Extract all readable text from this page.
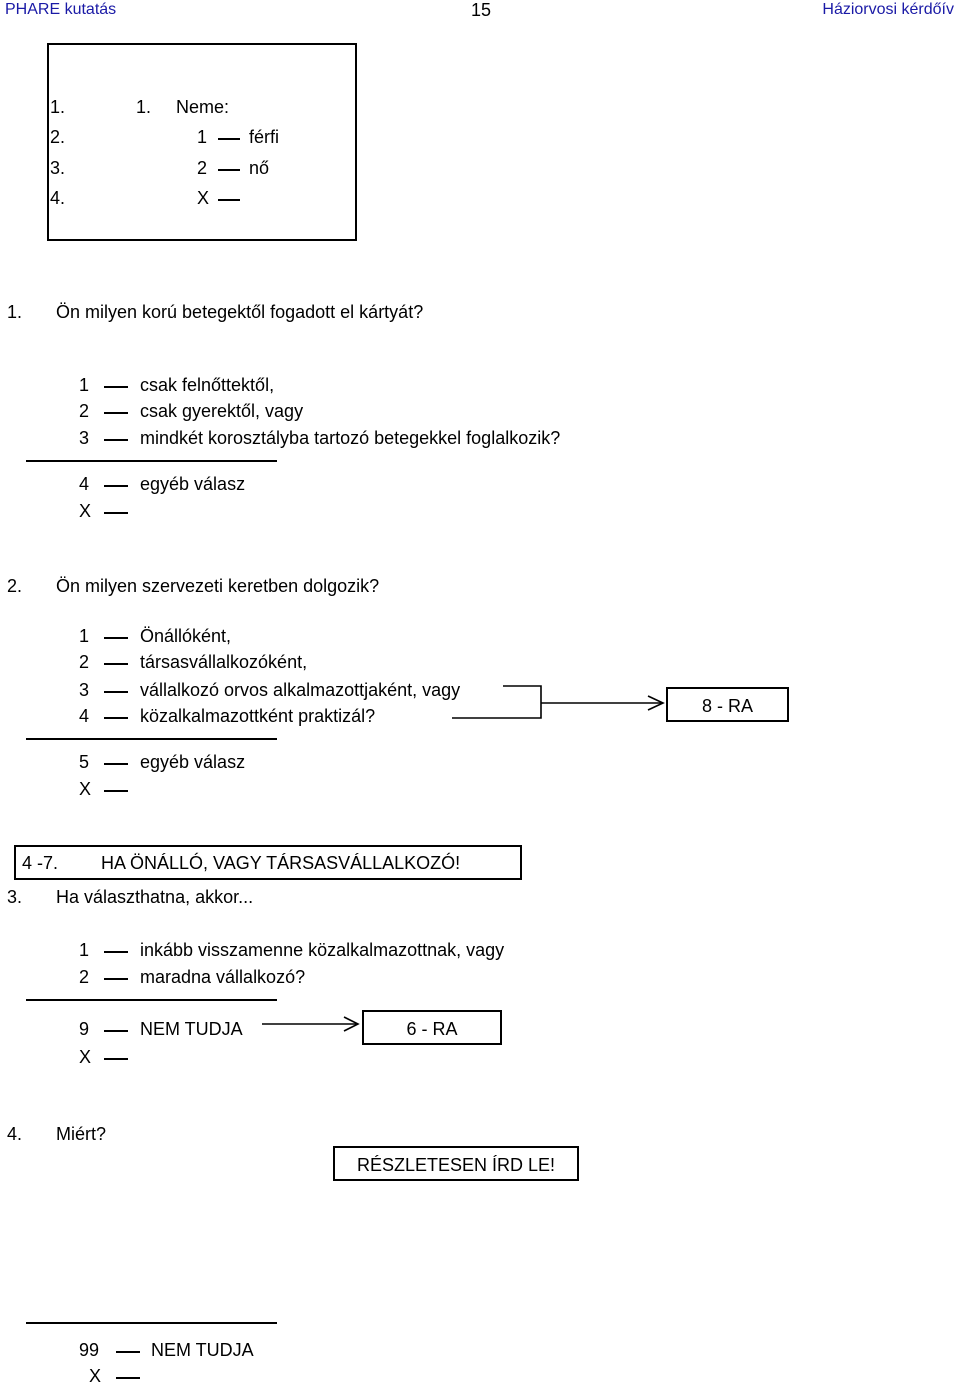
PHARE kutatás	15	Háziorvosi kérdőív
1.
2.
3.
4.
1. Neme:
1 férfi
2 nő
X
1. Ön milyen korú betegektől fogadott el kártyát?
1	csak felnőttektől,
2	csak gyerektől, vagy
3	mindkét korosztályba tartozó betegekkel foglalkozik?
4	egyéb válasz
X
2. Ön milyen szervezeti keretben dolgozik?
1	Önállóként,
2	társasvállalkozóként,
3	vállalkozó orvos alkalmazottjaként, vagy
4	közalkalmazottként praktizál?
5	egyéb válasz
X
8 - RA
4 -7. HA ÖNÁLLÓ, VAGY TÁRSASVÁLLALKOZÓ!
3. Ha választhatna, akkor...
1	inkább visszamenne közalkalmazottnak, vagy
2	maradna vállalkozó?
9	NEM TUDJA
X
6 - RA
4. Miért?
RÉSZLETESEN ÍRD LE!
99	NEM TUDJA
X
